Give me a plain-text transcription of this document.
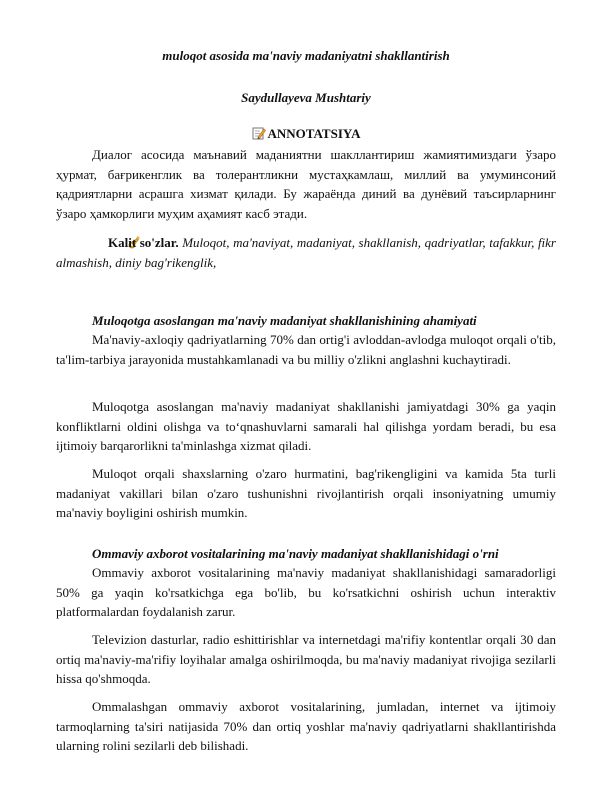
muloqot asosida ma'naviy madaniyatni shakllantirish
Saydullayeva Mushtariy
ANNOTATSIYA

Диалог асосида маънавий маданиятни шакллантириш жамиятимиздаги ўзаро ҳурмат, бағрикенглик ва толерантликни мустаҳкамлаш, миллий ва умуминсоний қадриятларни асрашга хизмат қилади. Бу жараёнда диний ва дунёвий таъсирларнинг ўзаро ҳамкорлиги муҳим аҳамият касб этади.

Kalit so'zlar. Muloqot, ma'naviyat, madaniyat, shakllanish, qadriyatlar, tafakkur, fikr almashish, diniy bag'rikenglik,

Muloqotga asoslangan ma'naviy madaniyat shakllanishining ahamiyati

Ma'naviy-axloqiy qadriyatlarning 70% dan ortig'i avloddan-avlodga muloqot orqali o'tib, ta'lim-tarbiya jarayonida mustahkamlanadi va bu milliy o'zlikni anglashni kuchaytiradi.

Muloqotga asoslangan ma'naviy madaniyat shakllanishi jamiyatdagi 30% ga yaqin konfliktlarni oldini olishga va to‘qnashuvlarni samarali hal qilishga yordam beradi, bu esa ijtimoiy barqarorlikni ta'minlashga xizmat qiladi.

Muloqot orqali shaxslarning o'zaro hurmatini, bag'rikengligini va kamida 5ta turli madaniyat vakillari bilan o'zaro tushunishni rivojlantirish orqali insoniyatning umumiy ma'naviy boyligini oshirish mumkin.

Ommaviy axborot vositalarining ma'naviy madaniyat shakllanishidagi o'rni

Ommaviy axborot vositalarining ma'naviy madaniyat shakllanishidagi samaradorligi 50% ga yaqin ko'rsatkichga ega bo'lib, bu ko'rsatkichni oshirish uchun interaktiv platformalardan foydalanish zarur.

Televizion dasturlar, radio eshittirishlar va internetdagi ma'rifiy kontentlar orqali 30 dan ortiq ma'naviy-ma'rifiy loyihalar amalga oshirilmoqda, bu ma'naviy madaniyat rivojiga sezilarli hissa qo'shmoqda.

Ommalashgan ommaviy axborot vositalarining, jumladan, internet va ijtimoiy tarmoqlarning ta'siri natijasida 70% dan ortiq yoshlar ma'naviy qadriyatlarni shakllantirishda ularning rolini sezilarli deb bilishadi.
